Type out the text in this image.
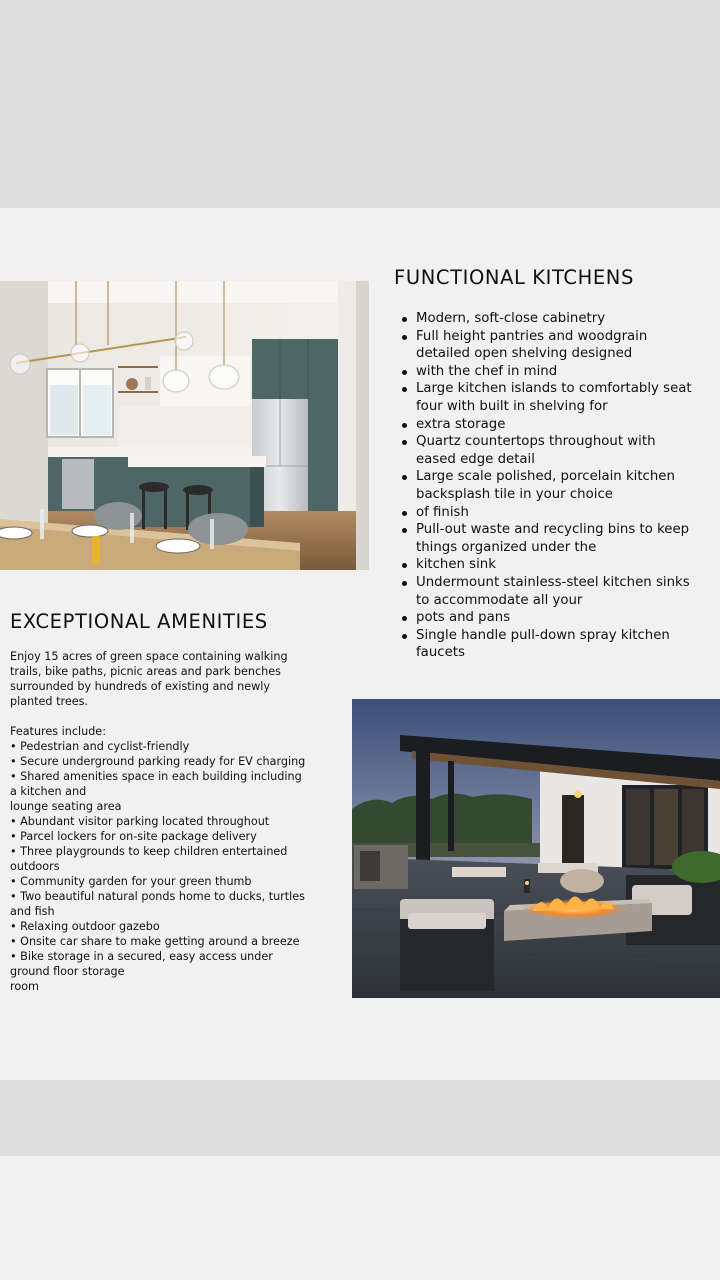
FUNCTIONAL KITCHENS
Modern, soft-close cabinetry
Full height pantries and woodgrain detailed open shelving designed
with the chef in mind
Large kitchen islands to comfortably seat four with built in shelving for
extra storage
Quartz countertops throughout with eased edge detail
Large scale polished, porcelain kitchen backsplash tile in your choice
of finish
Pull-out waste and recycling bins to keep things organized under the
kitchen sink
Undermount stainless-steel kitchen sinks to accommodate all your
pots and pans
Single handle pull-down spray kitchen faucets
EXCEPTIONAL AMENITIES

Enjoy 15 acres of green space containing walking trails, bike paths, picnic areas and park benches surrounded by hundreds of existing and newly planted trees.

Features include:

• Pedestrian and cyclist-friendly
• Secure underground parking ready for EV charging
• Shared amenities space in each building including a kitchen and
lounge seating area
• Abundant visitor parking located throughout
• Parcel lockers for on-site package delivery
• Three playgrounds to keep children entertained outdoors
• Community garden for your green thumb
• Two beautiful natural ponds home to ducks, turtles and fish
• Relaxing outdoor gazebo
• Onsite car share to make getting around a breeze
• Bike storage in a secured, easy access under ground floor storage
room
